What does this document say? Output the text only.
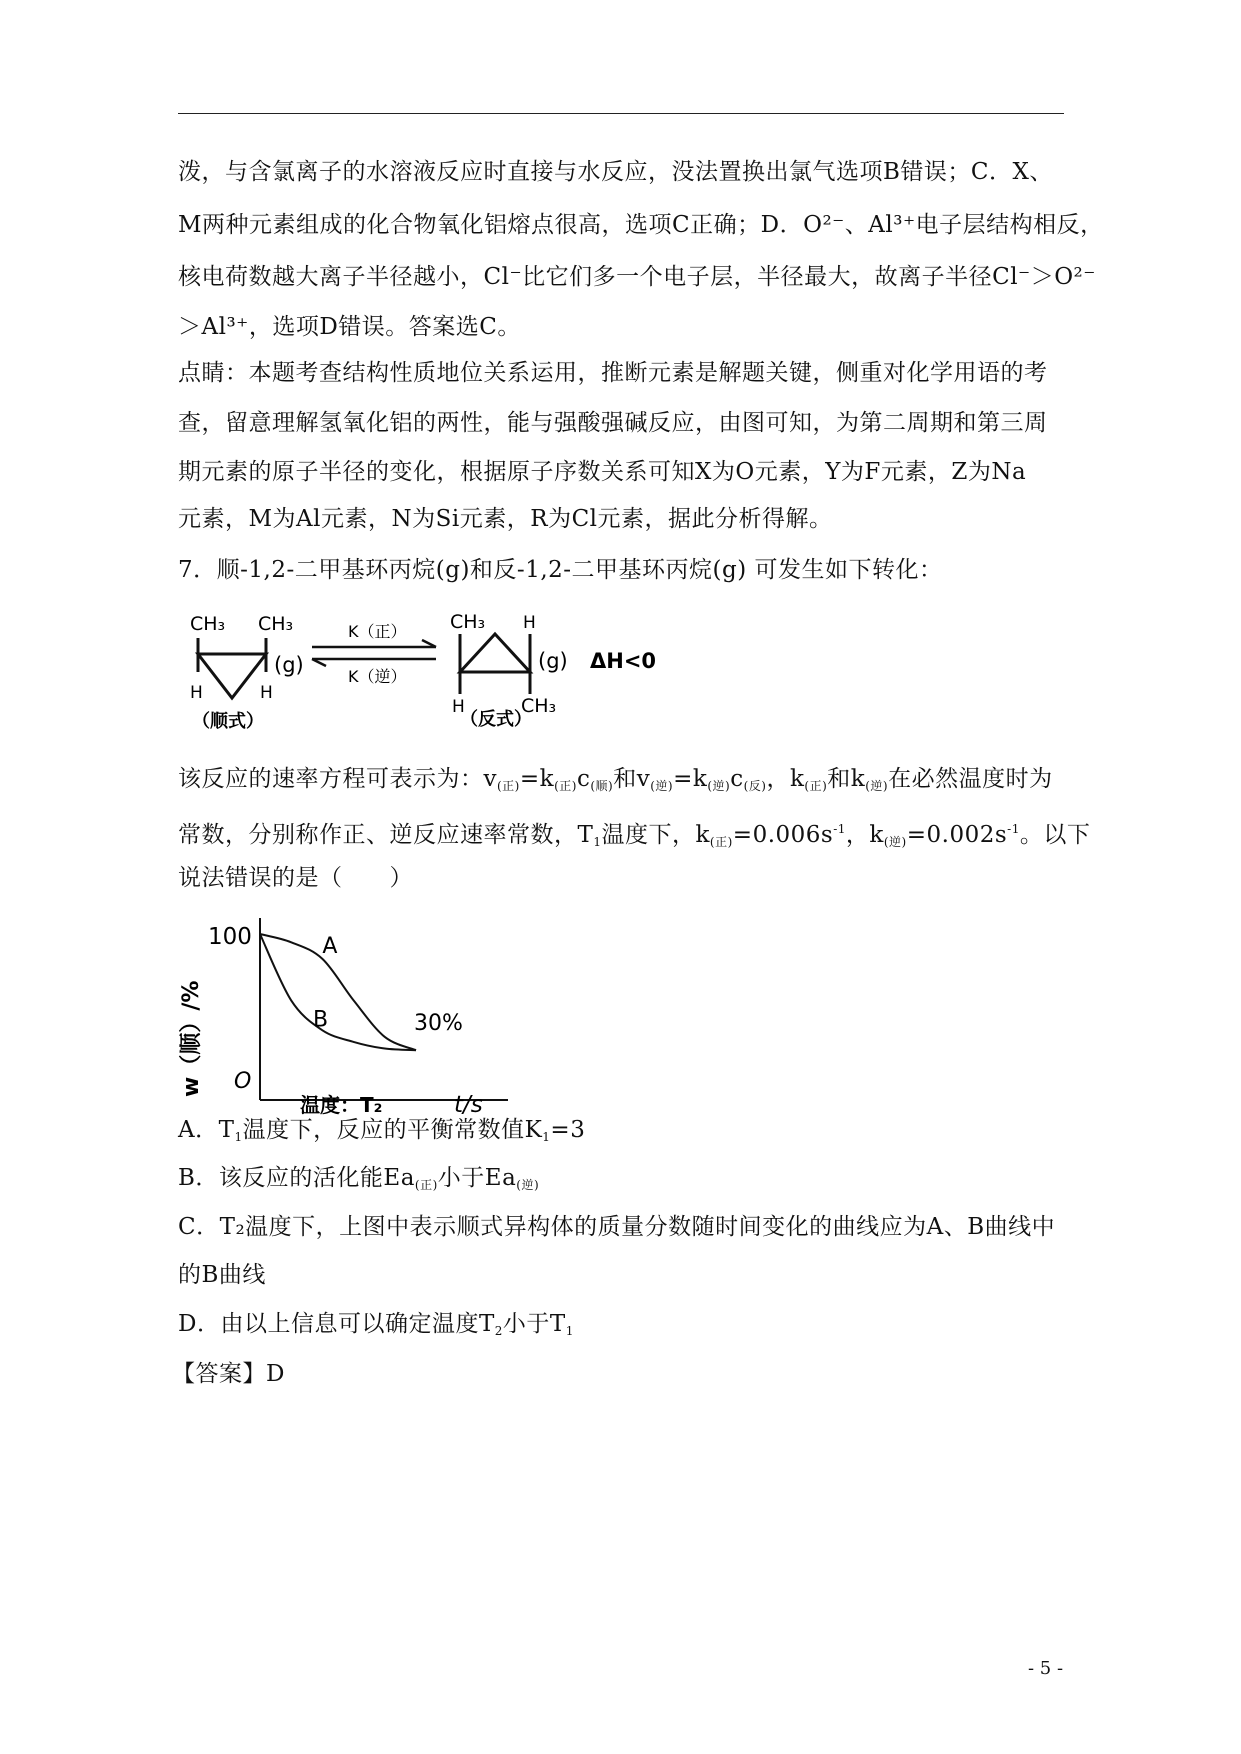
泼，与含氯离子的水溶液反应时直接与水反应，没法置换出氯气选项B错误；C．X、
M两种元素组成的化合物氧化铝熔点很高，选项C正确；D．O²⁻、Al³⁺电子层结构相反，
核电荷数越大离子半径越小，Cl⁻比它们多一个电子层，半径最大，故离子半径Cl⁻＞O²⁻
＞Al³⁺，选项D错误。答案选C。
点睛：本题考查结构性质地位关系运用，推断元素是解题关键，侧重对化学用语的考
查，留意理解氢氧化铝的两性，能与强酸强碱反应，由图可知，为第二周期和第三周
期元素的原子半径的变化，根据原子序数关系可知X为O元素，Y为F元素，Z为Na
元素，M为Al元素，N为Si元素，R为Cl元素，据此分析得解。
7．顺-1,2-二甲基环丙烷(g)和反-1,2-二甲基环丙烷(g) 可发生如下转化：
CH₃ CH₃
H	H
(g)
（顺式）
K（正）
K（逆）
CH₃ H
H	CH₃
(g) ΔH<0
（反式）
该反应的速率方程可表示为：$v_{(正)}=k_{(正)}c_{(顺)}$和$v_{(逆)}=k_{(逆)}c_{(反)}$，$k_{(正)}$和$k_{(逆)}$在必然温度时为
常数，分别称作正、逆反应速率常数，$T_1$温度下，$k_{(正)}=0.006s^{-1}$，$k_{(逆)}=0.002s^{-1}$。以下
说法错误的是（　　）
100
30%
w（顺）/% O
温度：T₂	t/s
A
B
A．$T_1$温度下，反应的平衡常数值$K_1=3$
B．该反应的活化能$Ea_{(正)}$小于$Ea_{(逆)}$
C．T₂温度下，上图中表示顺式异构体的质量分数随时间变化的曲线应为A、B曲线中
的B曲线
D．由以上信息可以确定温度$T_2$小于$T_1$
【答案】D
- 5 -
